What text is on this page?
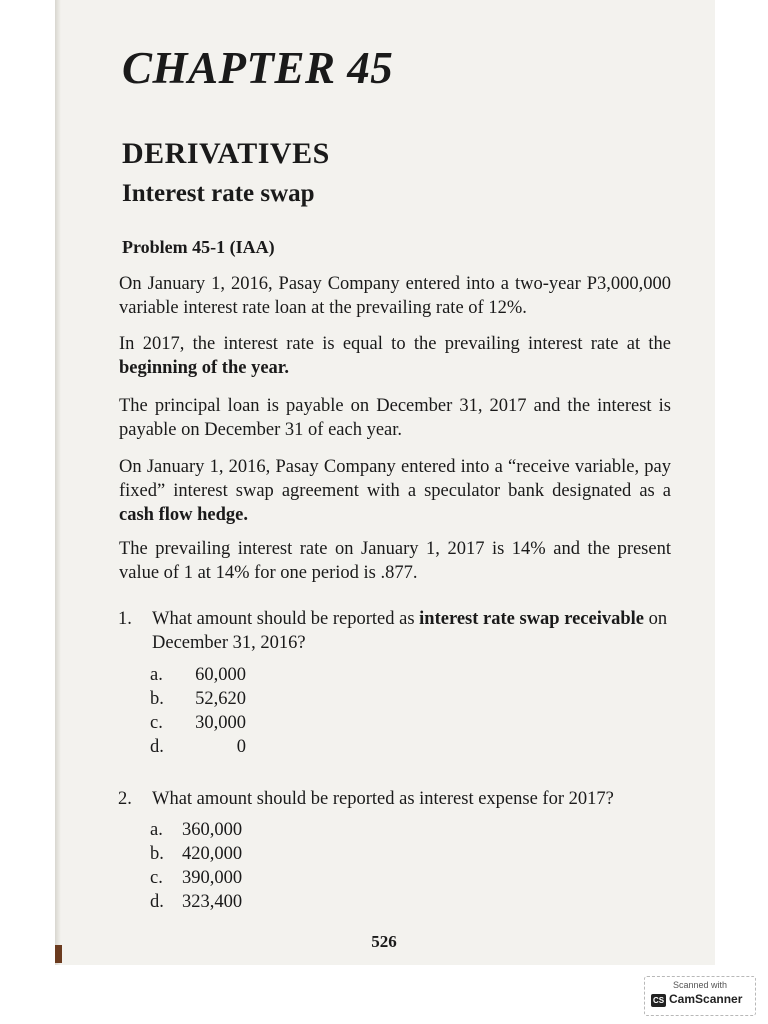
CHAPTER 45
DERIVATIVES
Interest rate swap
Problem 45-1 (IAA)

On January 1, 2016, Pasay Company entered into a two-year P3,000,000 variable interest rate loan at the prevailing rate of 12%.

In 2017, the interest rate is equal to the prevailing interest rate at the beginning of the year.

The principal loan is payable on December 31, 2017 and the interest is payable on December 31 of each year.

On January 1, 2016, Pasay Company entered into a “receive variable, pay fixed” interest swap agreement with a speculator bank designated as a cash flow hedge.

The prevailing interest rate on January 1, 2017 is 14% and the present value of 1 at 14% for one period is .877.

1. What amount should be reported as interest rate swap receivable on December 31, 2016?
a.	60,000
b.	52,620
c.	30,000
d.	0
2. What amount should be reported as interest expense for 2017?
a. 360,000
b. 420,000
c. 390,000
d. 323,400
526
Scanned with
CS CamScanner
